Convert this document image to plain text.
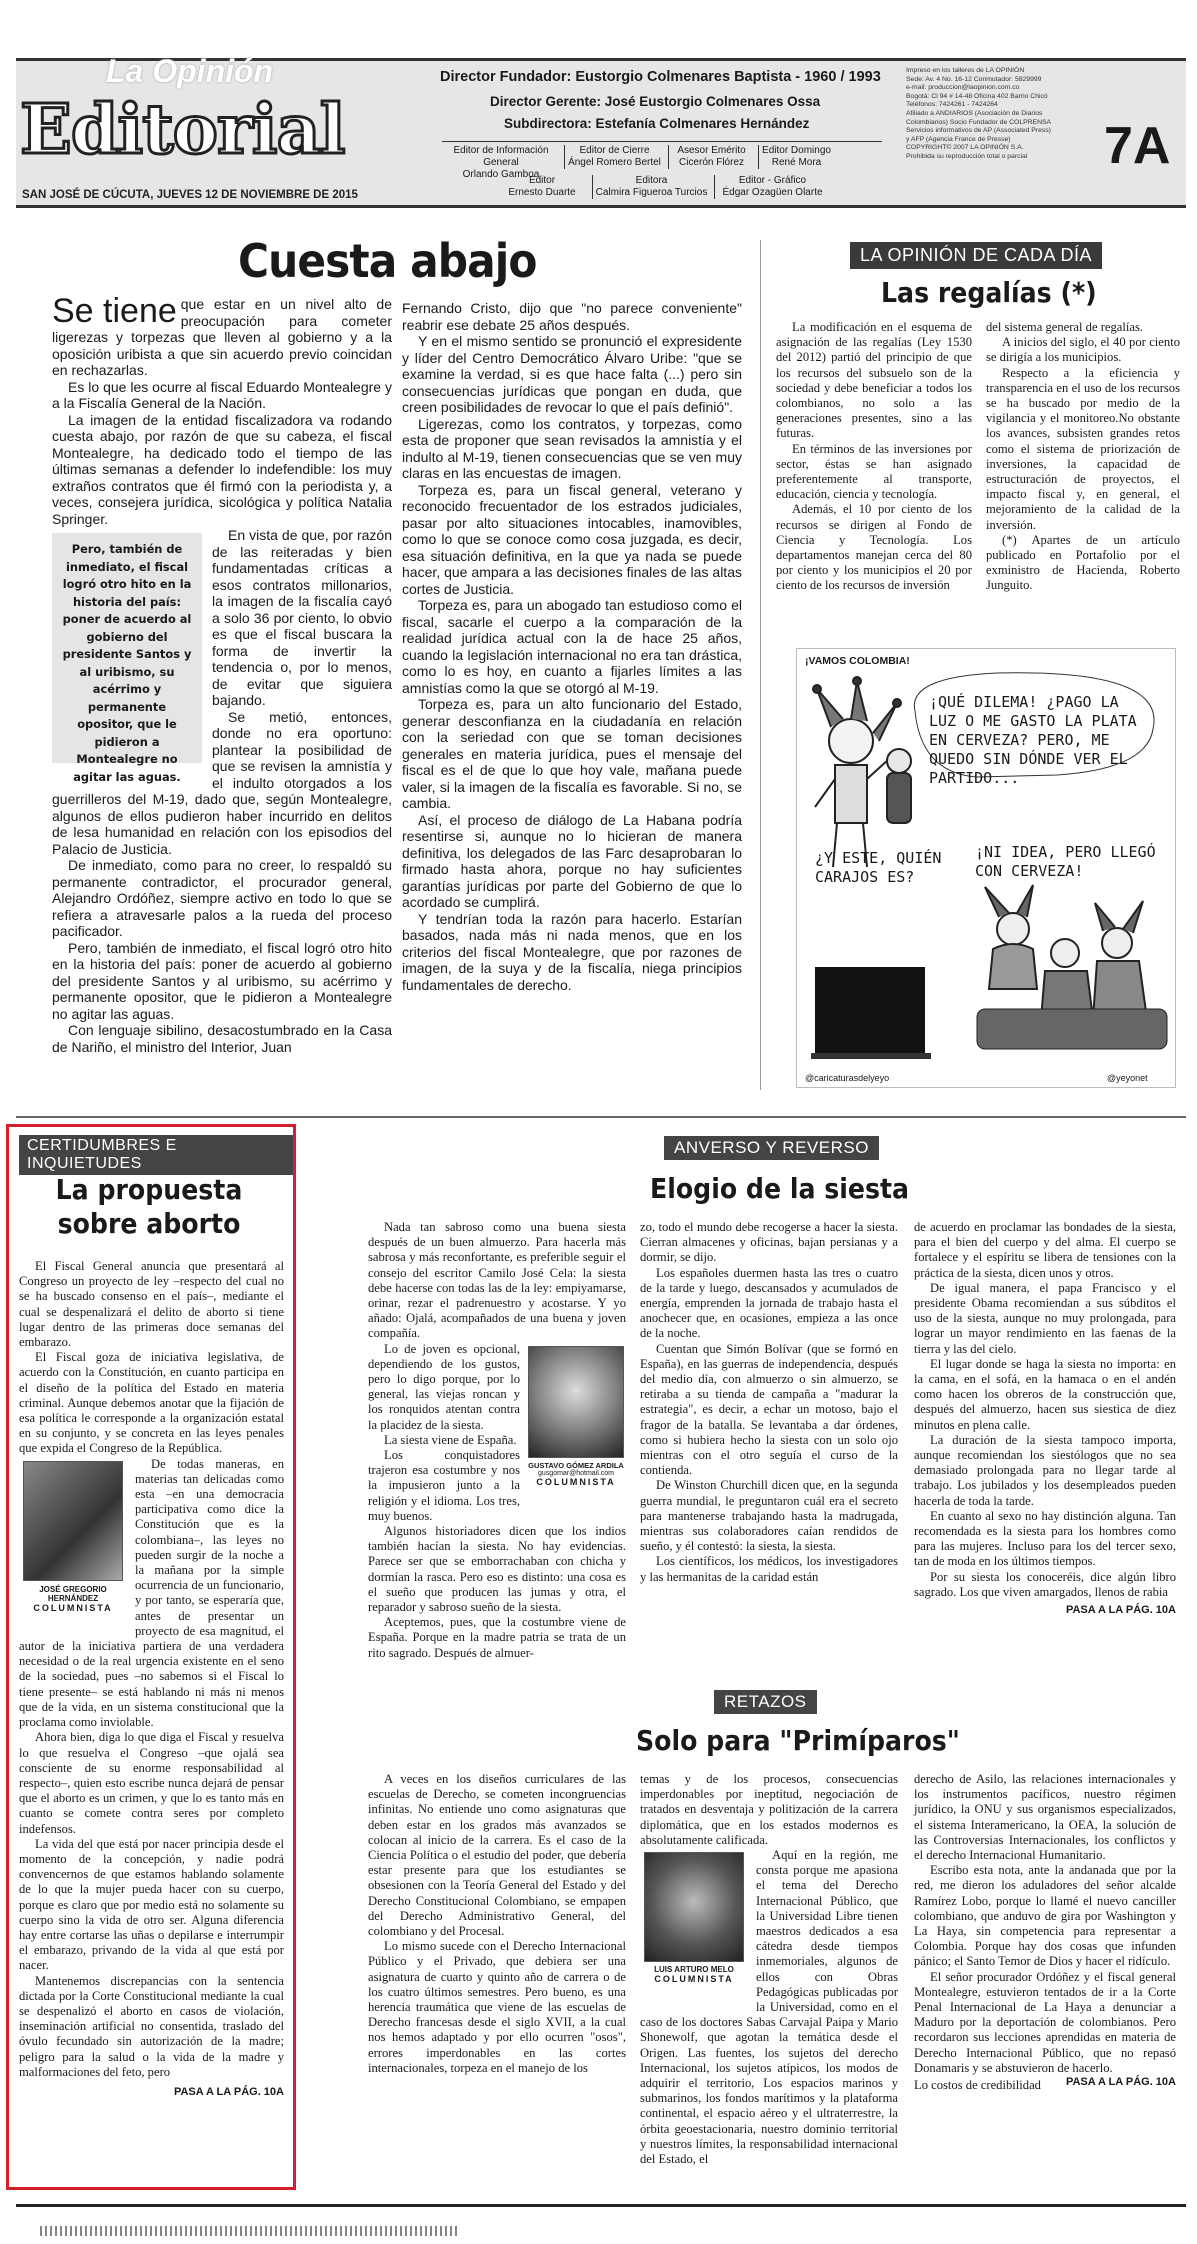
La Opinión
Editorial
SAN JOSÉ DE CÚCUTA, JUEVES 12 DE NOVIEMBRE DE 2015
Director Fundador: Eustorgio Colmenares Baptista - 1960 / 1993
Director Gerente: José Eustorgio Colmenares Ossa
Subdirectora: Estefanía Colmenares Hernández
Editor de Información General
Orlando Gamboa
Editor de Cierre
Ángel Romero Bertel
Asesor Emérito
Cicerón Flórez
Editor Domingo
René Mora
Editor
Ernesto Duarte
Editora
Calmira Figueroa Turcios
Editor - Gráfico
Édgar Ozagüen Olarte
Impreso en los talleres de LA OPINIÓN
Sede: Av. 4 No. 16-12 Conmutador: 5829999
e-mail: produccion@laopinion.com.co
Bogotá: Cl 94 # 14-48 Oficina 402 Barrio Chicó
Teléfonos: 7424261 - 7424264
Afiliado a ANDIARIOS (Asociación de Diarios
Colombianos) Socio Fundador de COLPRENSA
Servicios informativos de AP (Associated Press)
y AFP (Agencia France de Presse)
COPYRIGHT© 2007 LA OPINIÓN S.A.
Prohibida su reproducción total o parcial	7A
Cuesta abajo
Se tiene que estar en un nivel alto de preocupación para cometer ligerezas y torpezas que lleven al gobierno y a la oposición uribista a que sin acuerdo previo coincidan en rechazarlas.

Es lo que les ocurre al fiscal Eduardo Montealegre y a la Fiscalía General de la Nación.

La imagen de la entidad fiscalizadora va rodando cuesta abajo, por razón de que su cabeza, el fiscal Montealegre, ha dedicado todo el tiempo de las últimas semanas a defender lo indefendible: los muy extraños contratos que él firmó con la periodista y, a veces, consejera jurídica, sicológica y política Natalia Springer.

Pero, también de inmediato, el fiscal logró otro hito en la historia del país: poner de acuerdo al gobierno del presidente Santos y al uribismo, su acérrimo y permanente opositor, que le pidieron a Montealegre no agitar las aguas.

En vista de que, por razón de las reiteradas y bien fundamentadas críticas a esos contratos millonarios, la imagen de la fiscalía cayó a solo 36 por ciento, lo obvio es que el fiscal buscara la forma de invertir la tendencia o, por lo menos, de evitar que siguiera bajando.

Se metió, entonces, donde no era oportuno: plantear la posibilidad de que se revisen la amnistía y el indulto otorgados a los guerrilleros del M-19, dado que, según Montealegre, algunos de ellos pudieron haber incurrido en delitos de lesa humanidad en relación con los episodios del Palacio de Justicia.

De inmediato, como para no creer, lo respaldó su permanente contradictor, el procurador general, Alejandro Ordóñez, siempre activo en todo lo que se refiera a atravesarle palos a la rueda del proceso pacificador.

Pero, también de inmediato, el fiscal logró otro hito en la historia del país: poner de acuerdo al gobierno del presidente Santos y al uribismo, su acérrimo y permanente opositor, que le pidieron a Montealegre no agitar las aguas.

Con lenguaje sibilino, desacostumbrado en la Casa de Nariño, el ministro del Interior, Juan

Fernando Cristo, dijo que "no parece conveniente" reabrir ese debate 25 años después.

Y en el mismo sentido se pronunció el expresidente y líder del Centro Democrático Álvaro Uribe: "que se examine la verdad, si es que hace falta (...) pero sin consecuencias jurídicas que pongan en duda, que creen posibilidades de revocar lo que el país definió".

Ligerezas, como los contratos, y torpezas, como esta de proponer que sean revisados la amnistía y el indulto al M-19, tienen consecuencias que se ven muy claras en las encuestas de imagen.

Torpeza es, para un fiscal general, veterano y reconocido frecuentador de los estrados judiciales, pasar por alto situaciones intocables, inamovibles, como lo que se conoce como cosa juzgada, es decir, esa situación definitiva, en la que ya nada se puede hacer, que ampara a las decisiones finales de las altas cortes de Justicia.

Torpeza es, para un abogado tan estudioso como el fiscal, sacarle el cuerpo a la comparación de la realidad jurídica actual con la de hace 25 años, cuando la legislación internacional no era tan drástica, como lo es hoy, en cuanto a fijarles límites a las amnistías como la que se otorgó al M-19.

Torpeza es, para un alto funcionario del Estado, generar desconfianza en la ciudadanía en relación con la seriedad con que se toman decisiones generales en materia jurídica, pues el mensaje del fiscal es el de que lo que hoy vale, mañana puede valer, si la imagen de la fiscalía es favorable. Si no, se cambia.

Así, el proceso de diálogo de La Habana podría resentirse si, aunque no lo hicieran de manera definitiva, los delegados de las Farc desaprobaran lo firmado hasta ahora, porque no hay suficientes garantías jurídicas por parte del Gobierno de que lo acordado se cumplirá.

Y tendrían toda la razón para hacerlo. Estarían basados, nada más ni nada menos, que en los criterios del fiscal Montealegre, que por razones de imagen, de la suya y de la fiscalía, niega principios fundamentales de derecho.

LA OPINIÓN DE CADA DÍA
Las regalías (*)

La modificación en el esquema de asignación de las regalías (Ley 1530 del 2012) partió del principio de que los recursos del subsuelo son de la sociedad y debe beneficiar a todos los colombianos, no solo a las generaciones presentes, sino a las futuras.

En términos de las inversiones por sector, éstas se han asignado preferentemente al transporte, educación, ciencia y tecnología.

Además, el 10 por ciento de los recursos se dirigen al Fondo de Ciencia y Tecnología. Los departamentos manejan cerca del 80 por ciento y los municipios el 20 por ciento de los recursos de inversión

del sistema general de regalías.

A inicios del siglo, el 40 por ciento se dirigía a los municipios.

Respecto a la eficiencia y transparencia en el uso de los recursos se ha buscado por medio de la vigilancia y el monitoreo.No obstante los avances, subsisten grandes retos como el sistema de priorización de inversiones, la capacidad de estructuración de proyectos, el impacto fiscal y, en general, el mejoramiento de la calidad de la inversión.

(*) Apartes de un artículo publicado en Portafolio por el exministro de Hacienda, Roberto Junguito.

¡VAMOS COLOMBIA!
¡QUÉ DILEMA! ¿PAGO LA LUZ O ME GASTO LA PLATA EN CERVEZA? PERO, ME QUEDO SIN DÓNDE VER EL PARTIDO...
¿Y ESTE, QUIÉN CARAJOS ES?
¡NI IDEA, PERO LLEGÓ CON CERVEZA!
@caricaturasdelyeyo	@yeyonet
CERTIDUMBRES E INQUIETUDES
La propuesta sobre aborto

El Fiscal General anuncia que presentará al Congreso un proyecto de ley –respecto del cual no se ha buscado consenso en el país–, mediante el cual se despenalizará el delito de aborto si tiene lugar dentro de las primeras doce semanas del embarazo.

El Fiscal goza de iniciativa legislativa, de acuerdo con la Constitución, en cuanto participa en el diseño de la política del Estado en materia criminal. Aunque debemos anotar que la fijación de esa política le corresponde a la organización estatal en su conjunto, y se concreta en las leyes penales que expida el Congreso de la República.

JOSÉ GREGORIO HERNÁNDEZ
COLUMNISTA

De todas maneras, en materias tan delicadas como esta –en una democracia participativa como dice la Constitución que es la colombiana–, las leyes no pueden surgir de la noche a la mañana por la simple ocurrencia de un funcionario, y por tanto, se esperaría que, antes de presentar un proyecto de esa magnitud, el autor de la iniciativa partiera de una verdadera necesidad o de la real urgencia existente en el seno de la sociedad, pues –no sabemos si el Fiscal lo tiene presente– se está hablando ni más ni menos que de la vida, en un sistema constitucional que la proclama como inviolable.

Ahora bien, diga lo que diga el Fiscal y resuelva lo que resuelva el Congreso –que ojalá sea consciente de su enorme responsabilidad al respecto–, quien esto escribe nunca dejará de pensar que el aborto es un crimen, y que lo es tanto más en cuanto se comete contra seres por completo indefensos.

La vida del que está por nacer principia desde el momento de la concepción, y nadie podrá convencernos de que estamos hablando solamente de lo que la mujer pueda hacer con su cuerpo, porque es claro que por medio está no solamente su cuerpo sino la vida de otro ser. Alguna diferencia hay entre cortarse las uñas o depilarse e interrumpir el embarazo, privando de la vida al que está por nacer.

Mantenemos discrepancias con la sentencia dictada por la Corte Constitucional mediante la cual se despenalizó el aborto en casos de violación, inseminación artificial no consentida, traslado del óvulo fecundado sin autorización de la madre; peligro para la salud o la vida de la madre y malformaciones del feto, pero

PASA A LA PÁG. 10A
ANVERSO Y REVERSO
Elogio de la siesta

Nada tan sabroso como una buena siesta después de un buen almuerzo. Para hacerla más sabrosa y más reconfortante, es preferible seguir el consejo del escritor Camilo José Cela: la siesta debe hacerse con todas las de la ley: empiyamarse, orinar, rezar el padrenuestro y acostarse. Y yo añado: Ojalá, acompañados de una buena y joven compañía.

GUSTAVO GÓMEZ ARDILA
gusgomar@hotmail.com
COLUMNISTA

Lo de joven es opcional, dependiendo de los gustos, pero lo digo porque, por lo general, las viejas roncan y los ronquidos atentan contra la placidez de la siesta.

La siesta viene de España.

Los conquistadores trajeron esa costumbre y nos la impusieron junto a la religión y el idioma. Los tres, muy buenos.

Algunos historiadores dicen que los indios también hacían la siesta. No hay evidencias. Parece ser que se emborrachaban con chicha y dormían la rasca. Pero eso es distinto: una cosa es el sueño que producen las jumas y otra, el reparador y sabroso sueño de la siesta.

Aceptemos, pues, que la costumbre viene de España. Porque en la madre patria se trata de un rito sagrado. Después de almuer-

zo, todo el mundo debe recogerse a hacer la siesta. Cierran almacenes y oficinas, bajan persianas y a dormir, se dijo.

Los españoles duermen hasta las tres o cuatro de la tarde y luego, descansados y acumulados de energía, emprenden la jornada de trabajo hasta el anochecer que, en ocasiones, empieza a las once de la noche.

Cuentan que Simón Bolívar (que se formó en España), en las guerras de independencia, después del medio día, con almuerzo o sin almuerzo, se retiraba a su tienda de campaña a "madurar la estrategia", es decir, a echar un motoso, bajo el fragor de la batalla. Se levantaba a dar órdenes, como si hubiera hecho la siesta con un solo ojo mientras con el otro seguía el curso de la contienda.

De Winston Churchill dicen que, en la segunda guerra mundial, le preguntaron cuál era el secreto para mantenerse trabajando hasta la madrugada, mientras sus colaboradores caían rendidos de sueño, y él contestó: la siesta, la siesta.

Los científicos, los médicos, los investigadores y las hermanitas de la caridad están

de acuerdo en proclamar las bondades de la siesta, para el bien del cuerpo y del alma. El cuerpo se fortalece y el espíritu se libera de tensiones con la práctica de la siesta, dicen unos y otros.

De igual manera, el papa Francisco y el presidente Obama recomiendan a sus súbditos el uso de la siesta, aunque no muy prolongada, para lograr un mayor rendimiento en las faenas de la tierra y las del cielo.

El lugar donde se haga la siesta no importa: en la cama, en el sofá, en la hamaca o en el andén como hacen los obreros de la construcción que, después del almuerzo, hacen sus siestica de diez minutos en plena calle.

La duración de la siesta tampoco importa, aunque recomiendan los siestólogos que no sea demasiado prolongada para no llegar tarde al trabajo. Los jubilados y los desempleados pueden hacerla de toda la tarde.

En cuanto al sexo no hay distinción alguna. Tan recomendada es la siesta para los hombres como para las mujeres. Incluso para los del tercer sexo, tan de moda en los últimos tiempos.

Por su siesta los conoceréis, dice algún libro sagrado. Los que viven amargados, llenos de rabia

PASA A LA PÁG. 10A
RETAZOS
Solo para "Primíparos"

A veces en los diseños curriculares de las escuelas de Derecho, se cometen incongruencias infinitas. No entiende uno como asignaturas que deben estar en los grados más avanzados se colocan al inicio de la carrera. Es el caso de la Ciencia Política o el estudio del poder, que debería estar presente para que los estudiantes se obsesionen con la Teoría General del Estado y del Derecho Constitucional Colombiano, se empapen del Derecho Administrativo General, del colombiano y del Procesal.

Lo mismo sucede con el Derecho Internacional Público y el Privado, que debiera ser una asignatura de cuarto y quinto año de carrera o de los cuatro últimos semestres. Pero bueno, es una herencia traumática que viene de las escuelas de Derecho francesas desde el siglo XVII, a la cual nos hemos adaptado y por ello ocurren "osos", errores imperdonables en las cortes internacionales, torpeza en el manejo de los

temas y de los procesos, consecuencias imperdonables por ineptitud, negociación de tratados en desventaja y politización de la carrera diplomática, que en los estados modernos es absolutamente calificada.

LUIS ARTURO MELO
COLUMNISTA

Aquí en la región, me consta porque me apasiona el tema del Derecho Internacional Público, que la Universidad Libre tienen maestros dedicados a esa cátedra desde tiempos inmemoriales, algunos de ellos con Obras Pedagógicas publicadas por la Universidad, como en el caso de los doctores Sabas Carvajal Paipa y Mario Shonewolf, que agotan la temática desde el Origen. Las fuentes, los sujetos del derecho Internacional, los sujetos atípicos, los modos de adquirir el territorio, Los espacios marinos y submarinos, los fondos marítimos y la plataforma continental, el espacio aéreo y el ultraterrestre, la órbita geoestacionaria, nuestro dominio territorial y nuestros límites, la responsabilidad internacional del Estado, el

derecho de Asilo, las relaciones internacionales y los instrumentos pacíficos, nuestro régimen jurídico, la ONU y sus organismos especializados, el sistema Interamericano, la OEA, la solución de las Controversias Internacionales, los conflictos y el derecho Internacional Humanitario.

Escribo esta nota, ante la andanada que por la red, me dieron los aduladores del señor alcalde Ramírez Lobo, porque lo llamé el nuevo canciller colombiano, que anduvo de gira por Washington y La Haya, sin competencia para representar a Colombia. Porque hay dos cosas que infunden pánico; el Santo Temor de Dios y hacer el ridículo.

El señor procurador Ordóñez y el fiscal general Montealegre, estuvieron tentados de ir a la Corte Penal Internacional de La Haya a denunciar a Maduro por la deportación de colombianos. Pero recordaron sus lecciones aprendidas en materia de Derecho Internacional Público, que no repasó Donamaris y se abstuvieron de hacerlo.

Lo costos de credibilidad PASA A LA PÁG. 10A
